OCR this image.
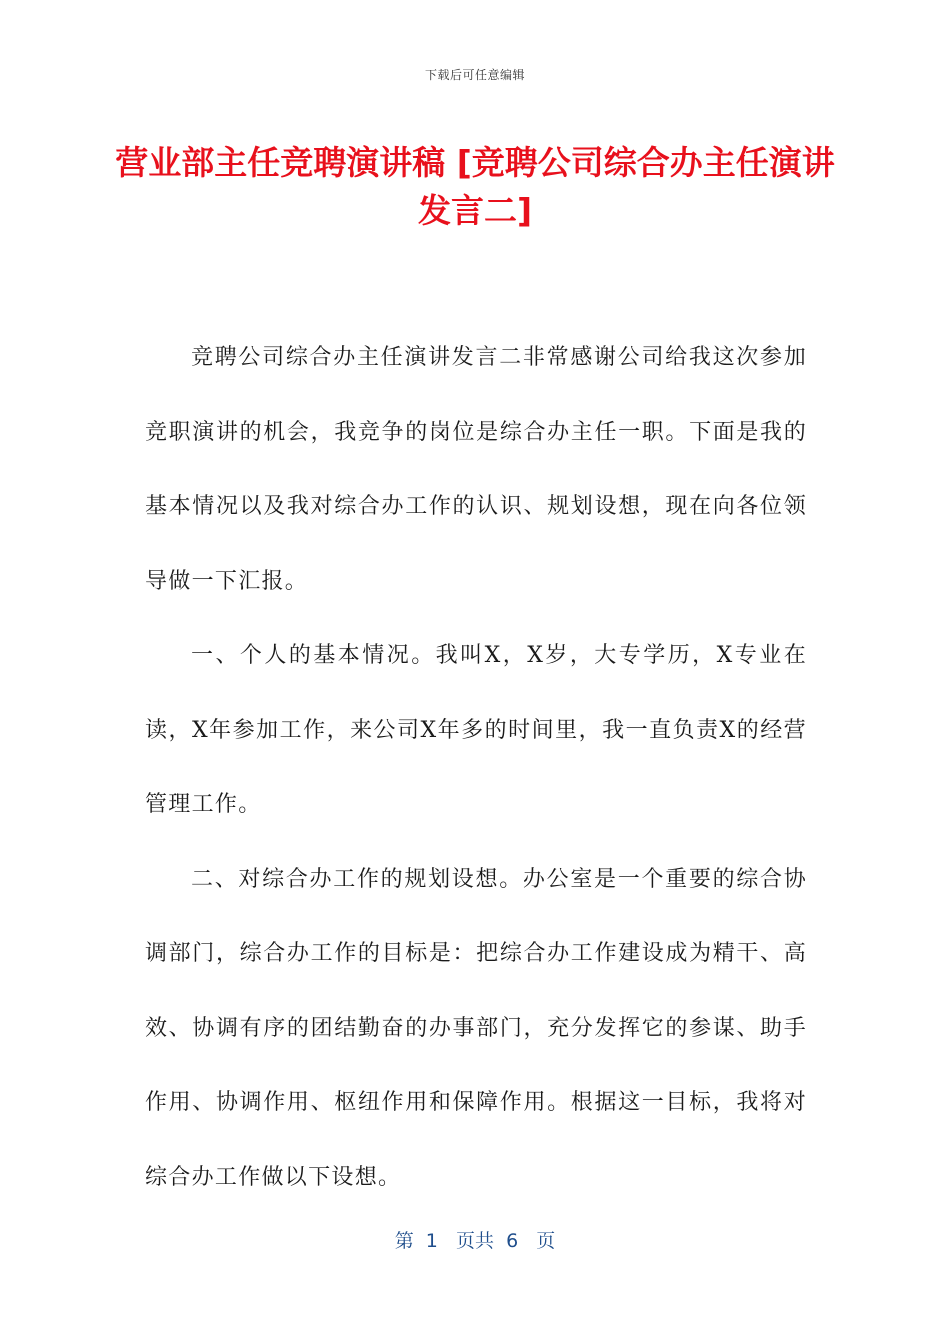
下载后可任意编辑
营业部主任竞聘演讲稿 [竞聘公司综合办主任演讲发言二]

竞聘公司综合办主任演讲发言二非常感谢公司给我这次参加竞职演讲的机会，我竞争的岗位是综合办主任一职。下面是我的基本情况以及我对综合办工作的认识、规划设想，现在向各位领导做一下汇报。

一、个人的基本情况。我叫X，X岁，大专学历，X专业在读，X年参加工作，来公司X年多的时间里，我一直负责X的经营管理工作。

二、对综合办工作的规划设想。办公室是一个重要的综合协调部门，综合办工作的目标是：把综合办工作建设成为精干、高效、协调有序的团结勤奋的办事部门，充分发挥它的参谋、助手作用、协调作用、枢纽作用和保障作用。根据这一目标，我将对综合办工作做以下设想。

第  1   页共  6   页
